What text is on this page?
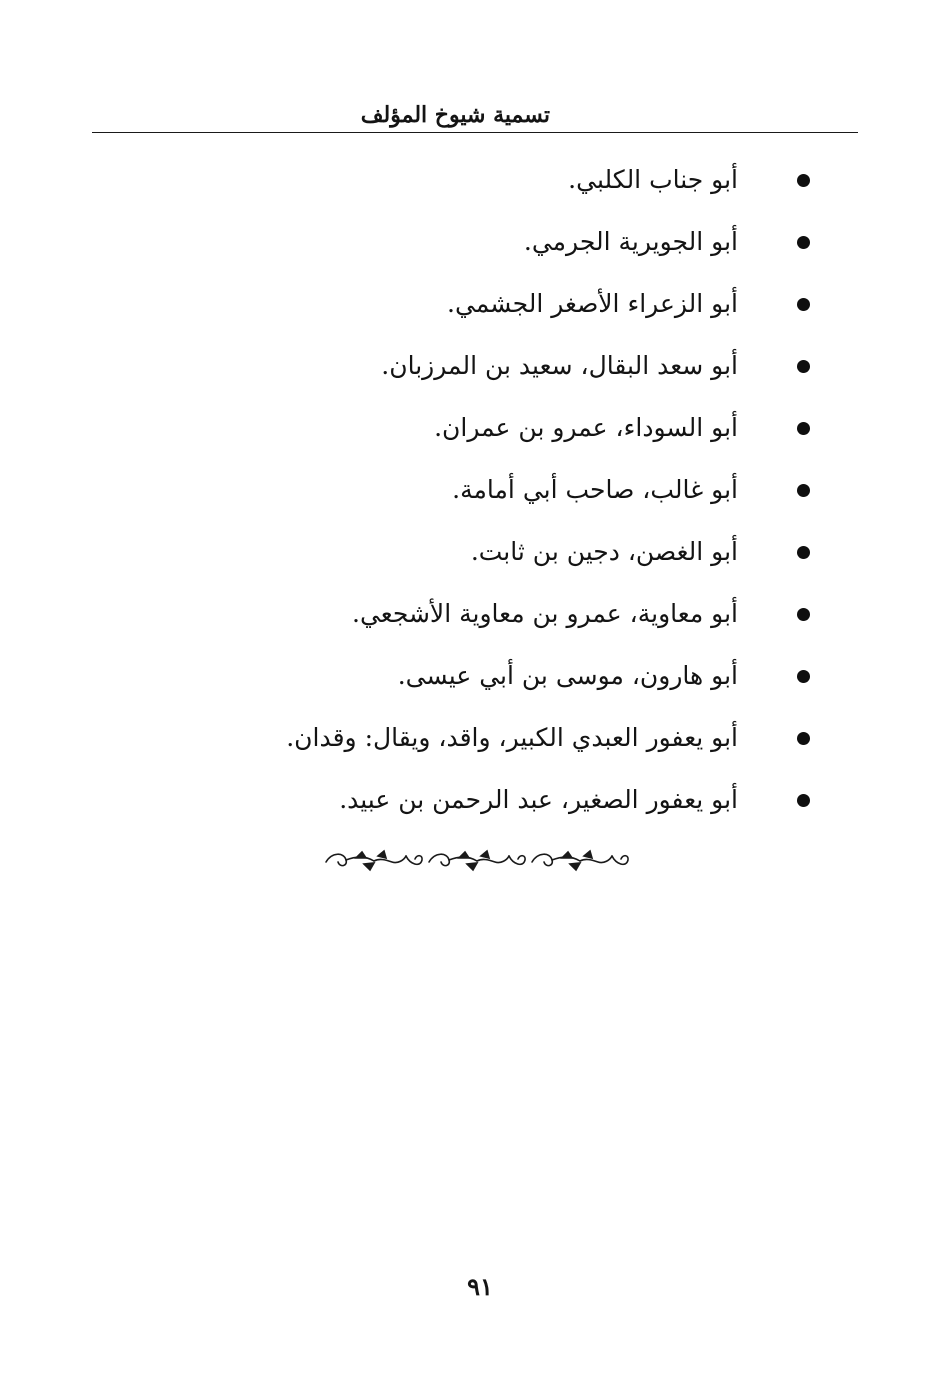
تسمية شيوخ المؤلف
أبو جناب الكلبي.
أبو الجويرية الجرمي.
أبو الزعراء الأصغر الجشمي.
أبو سعد البقال، سعيد بن المرزبان.
أبو السوداء، عمرو بن عمران.
أبو غالب، صاحب أبي أمامة.
أبو الغصن، دجين بن ثابت.
أبو معاوية، عمرو بن معاوية الأشجعي.
أبو هارون، موسى بن أبي عيسى.
أبو يعفور العبدي الكبير، واقد، ويقال: وقدان.
أبو يعفور الصغير، عبد الرحمن بن عبيد.
٩١
